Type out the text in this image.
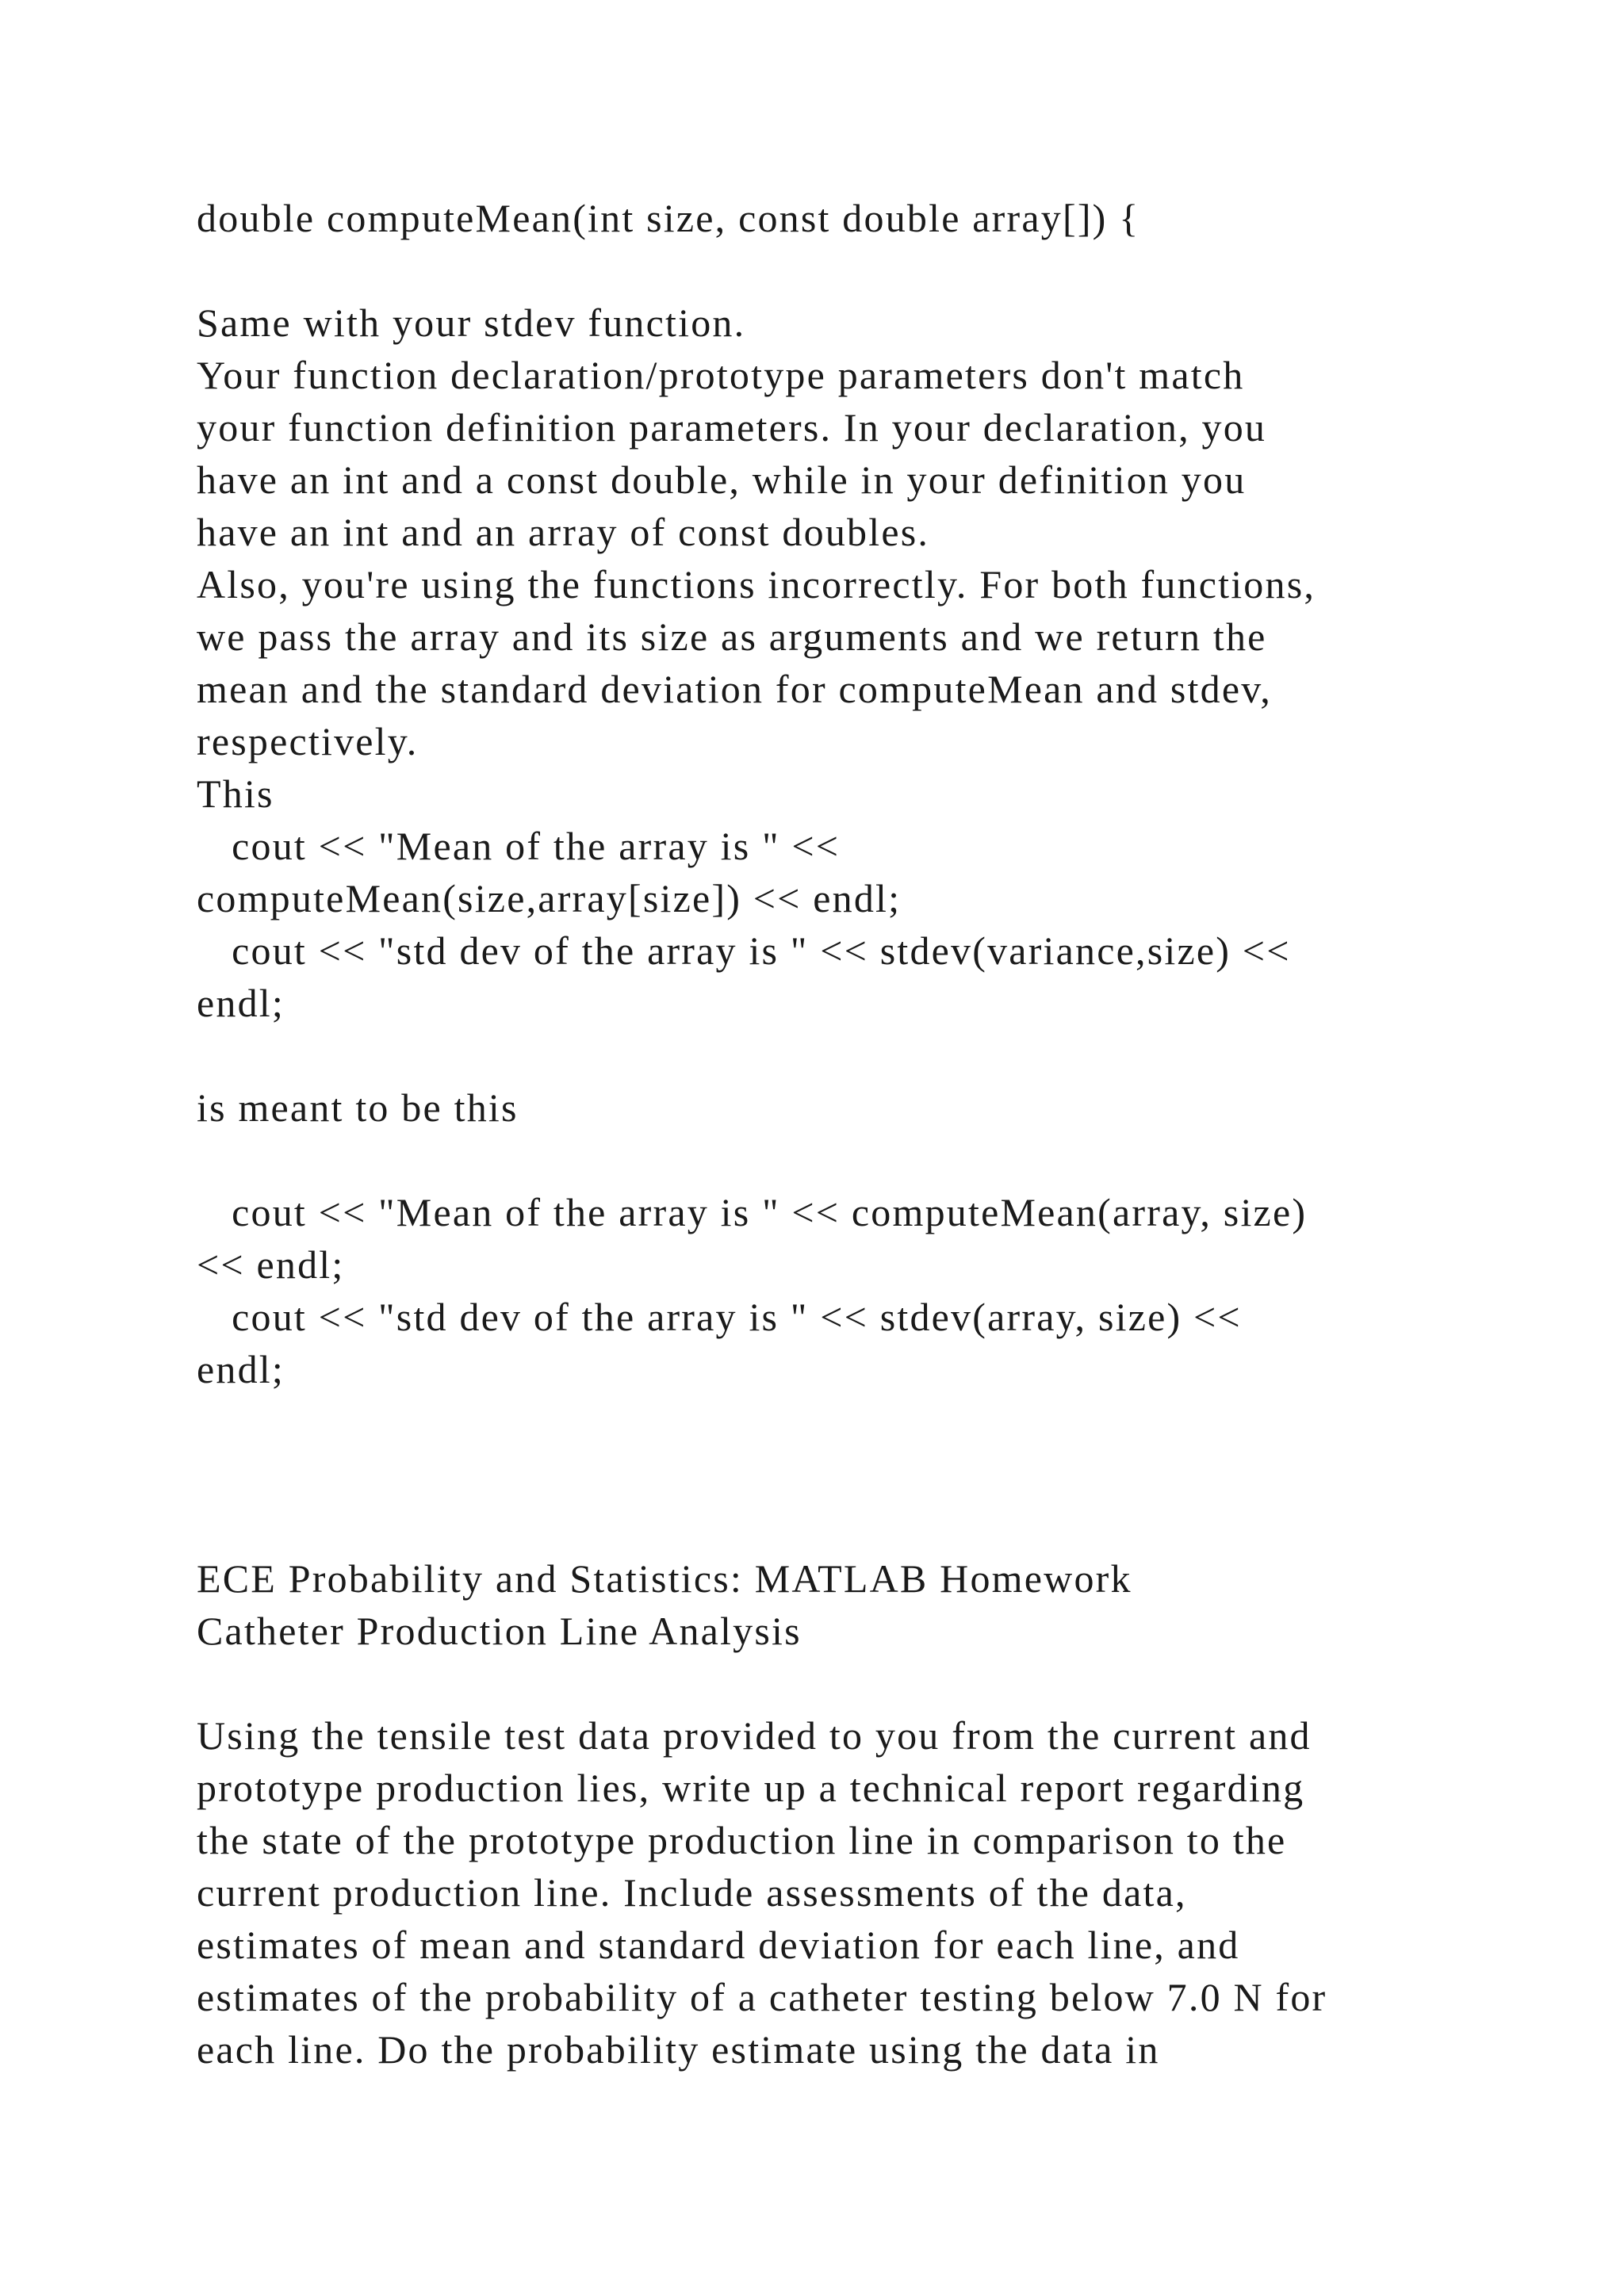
double computeMean(int size, const double array[]) {
Same with your stdev function.
Your function declaration/prototype parameters don't match
your function definition parameters. In your declaration, you
have an int and a const double, while in your definition you
have an int and an array of const doubles.
Also, you're using the functions incorrectly. For both functions,
we pass the array and its size as arguments and we return the
mean and the standard deviation for computeMean and stdev,
respectively.
This
cout << "Mean of the array is " <<
computeMean(size,array[size]) << endl;
cout << "std dev of the array is " << stdev(variance,size) <<
endl;
is meant to be this
cout << "Mean of the array is " << computeMean(array, size)
<< endl;
cout << "std dev of the array is " << stdev(array, size) <<
endl;
ECE Probability and Statistics: MATLAB Homework
Catheter Production Line Analysis
Using the tensile test data provided to you from the current and
prototype production lies, write up a technical report regarding
the state of the prototype production line in comparison to the
current production line. Include assessments of the data,
estimates of mean and standard deviation for each line, and
estimates of the probability of a catheter testing below 7.0 N for
each line. Do the probability estimate using the data in
